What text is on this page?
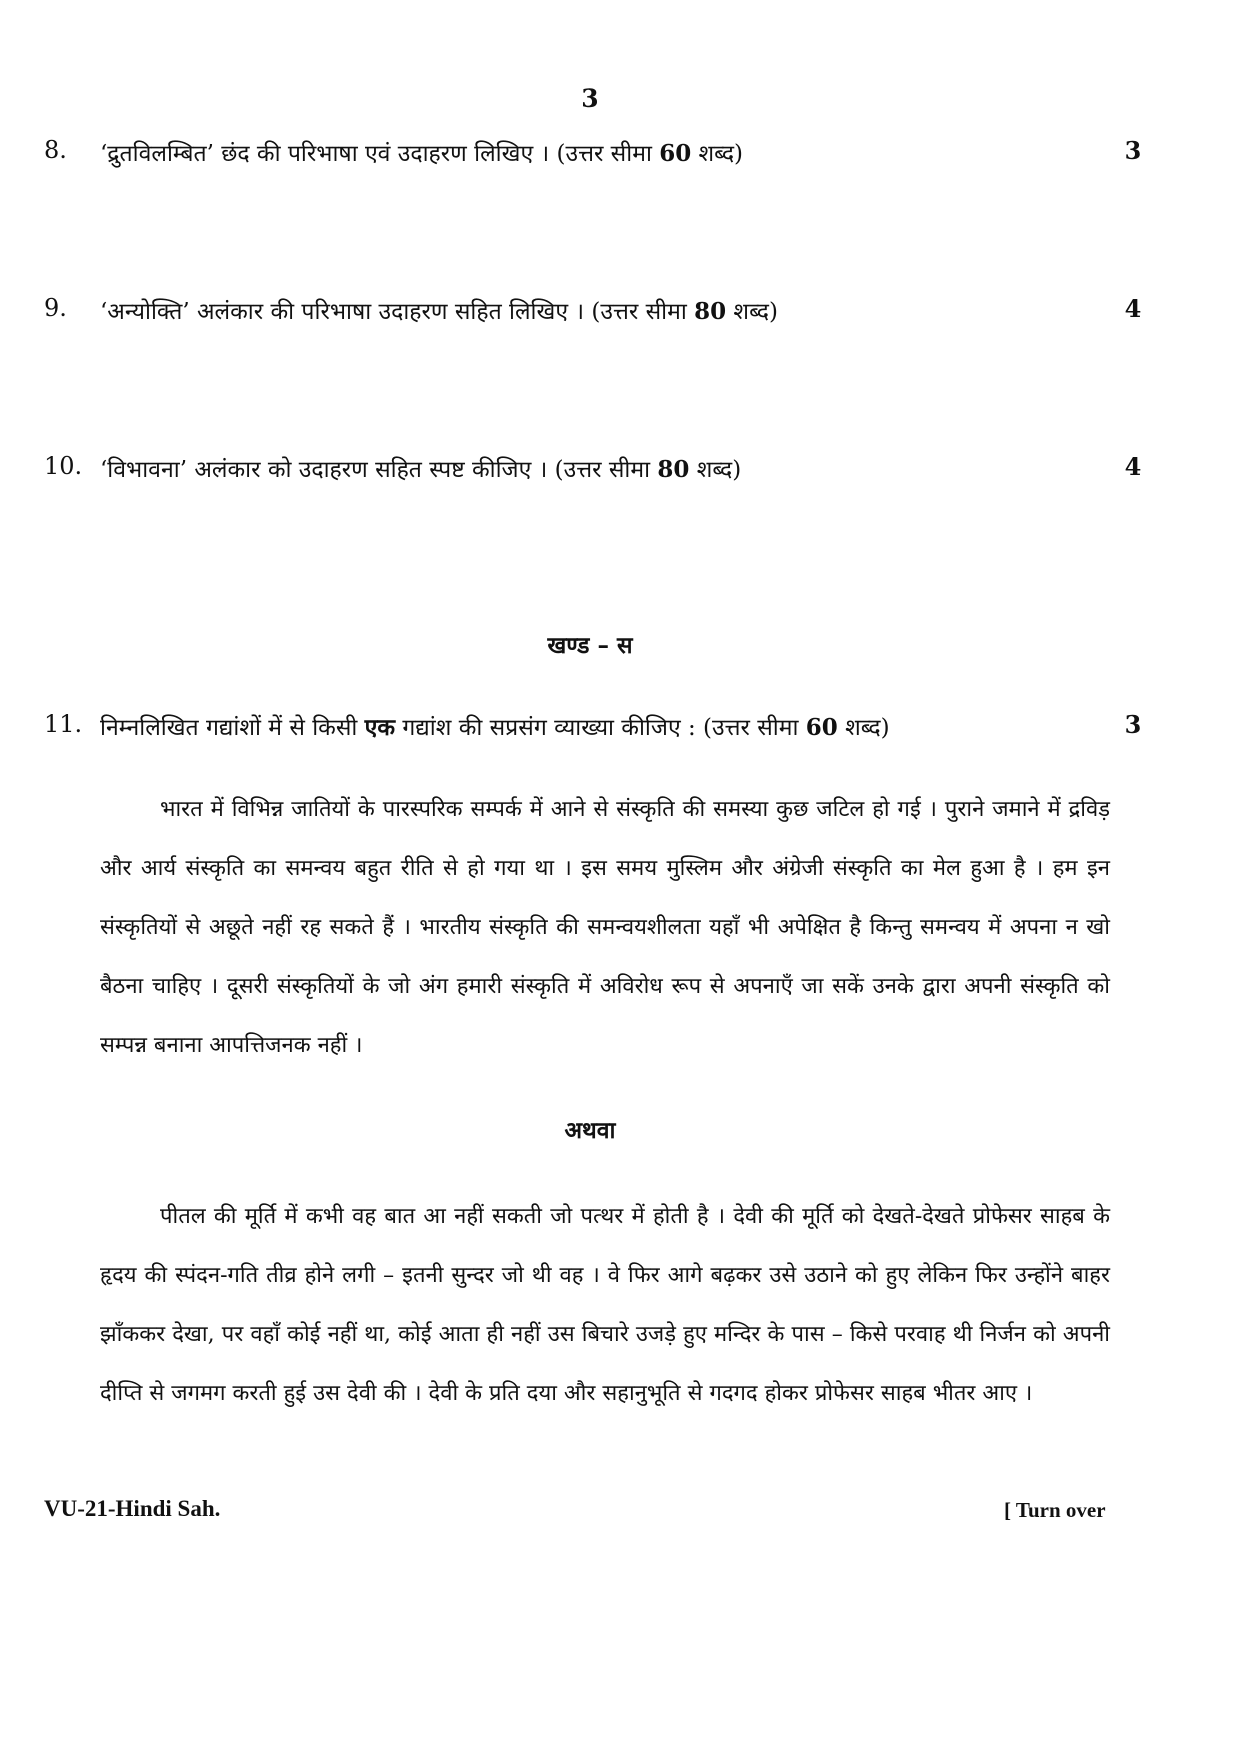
3
8. ‘द्रुतविलम्बित’ छंद की परिभाषा एवं उदाहरण लिखिए । (उत्तर सीमा 60 शब्द)	3
9. ‘अन्योक्ति’ अलंकार की परिभाषा उदाहरण सहित लिखिए । (उत्तर सीमा 80 शब्द)	4
10. ‘विभावना’ अलंकार को उदाहरण सहित स्पष्ट कीजिए । (उत्तर सीमा 80 शब्द)	4
खण्ड – स
11. निम्नलिखित गद्यांशों में से किसी एक गद्यांश की सप्रसंग व्याख्या कीजिए : (उत्तर सीमा 60 शब्द)	3
भारत में विभिन्न जातियों के पारस्परिक सम्पर्क में आने से संस्कृति की समस्या कुछ जटिल हो गई । पुराने जमाने में द्रविड़ और आर्य संस्कृति का समन्वय बहुत रीति से हो गया था । इस समय मुस्लिम और अंग्रेजी संस्कृति का मेल हुआ है । हम इन संस्कृतियों से अछूते नहीं रह सकते हैं । भारतीय संस्कृति की समन्वयशीलता यहाँ भी अपेक्षित है किन्तु समन्वय में अपना न खो बैठना चाहिए । दूसरी संस्कृतियों के जो अंग हमारी संस्कृति में अविरोध रूप से अपनाएँ जा सकें उनके द्वारा अपनी संस्कृति को सम्पन्न बनाना आपत्तिजनक नहीं ।
अथवा
पीतल की मूर्ति में कभी वह बात आ नहीं सकती जो पत्थर में होती है । देवी की मूर्ति को देखते-देखते प्रोफेसर साहब के हृदय की स्पंदन-गति तीव्र होने लगी – इतनी सुन्दर जो थी वह । वे फिर आगे बढ़कर उसे उठाने को हुए लेकिन फिर उन्होंने बाहर झाँककर देखा, पर वहाँ कोई नहीं था, कोई आता ही नहीं उस बिचारे उजड़े हुए मन्दिर के पास – किसे परवाह थी निर्जन को अपनी दीप्ति से जगमग करती हुई उस देवी की । देवी के प्रति दया और सहानुभूति से गदगद होकर प्रोफेसर साहब भीतर आए ।
VU-21-Hindi Sah.	[ Turn over
